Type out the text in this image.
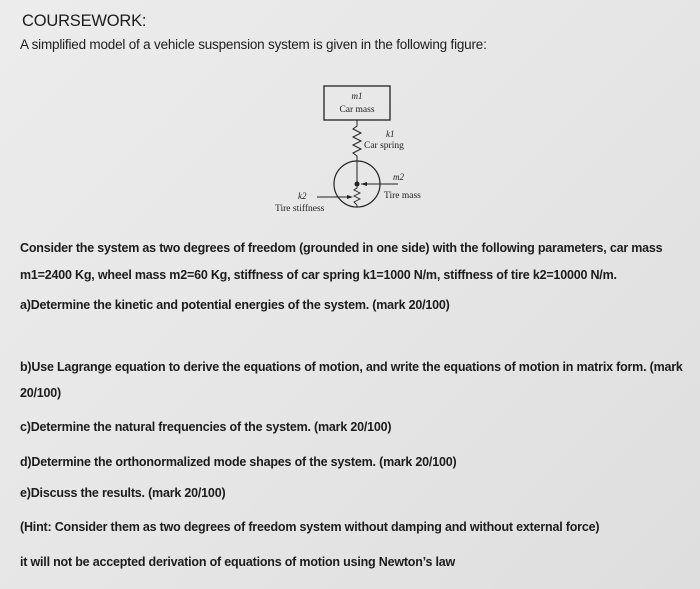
COURSEWORK:
A simplified model of a vehicle suspension system is given in the following figure:
m1
Car mass
k1
Car spring
m2
Tire mass
k2
Tire stiffness
Consider the system as two degrees of freedom (grounded in one side) with the following parameters, car mass
m1=2400 Kg, wheel mass m2=60 Kg, stiffness of car spring k1=1000 N/m, stiffness of tire k2=10000 N/m.
a)Determine the kinetic and potential energies of the system. (mark 20/100)
b)Use Lagrange equation to derive the equations of motion, and write the equations of motion in matrix form. (mark
20/100)
c)Determine the natural frequencies of the system. (mark 20/100)
d)Determine the orthonormalized mode shapes of the system. (mark 20/100)
e)Discuss the results. (mark 20/100)
(Hint: Consider them as two degrees of freedom system without damping and without external force)
it will not be accepted derivation of equations of motion using Newton’s law
